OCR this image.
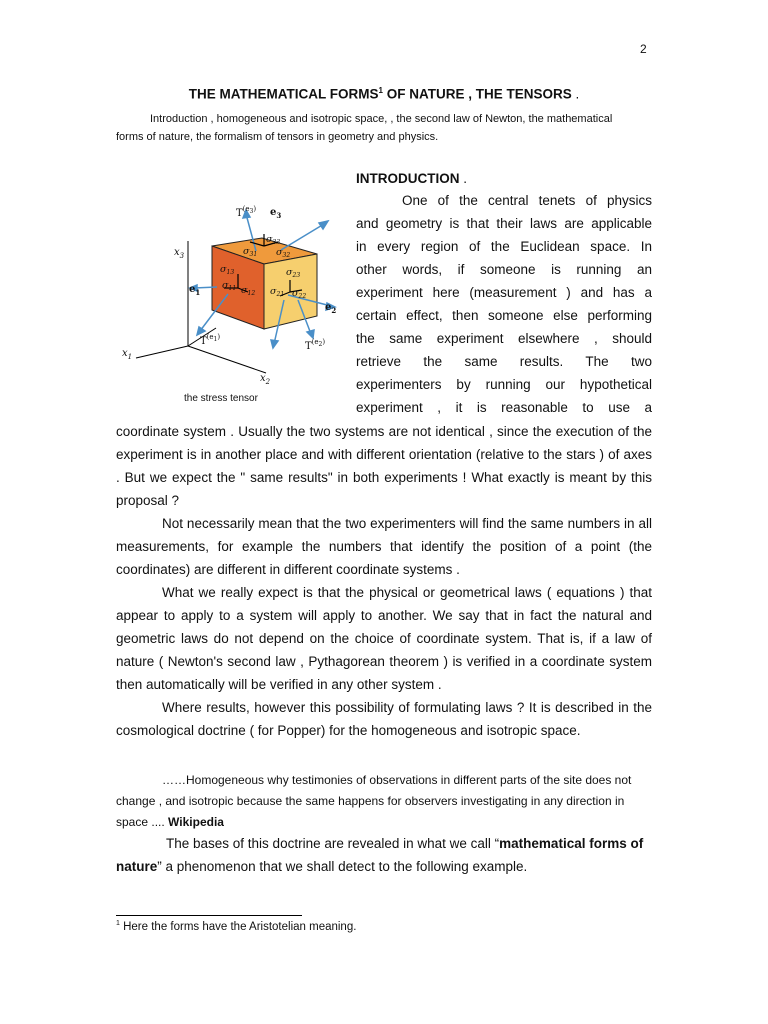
2
THE MATHEMATICAL FORMS$^1$ OF NATURE , THE TENSORS .
Introduction , homogeneous and isotropic space, , the second law of Newton, the mathematical
forms of nature, the formalism of tensors in geometry and physics.
$T^{(e}_3^)$ $e_3$
$x_3$
$e_1$
$e_2$
$T^{(e}_1^)$
$T^{(e}_2^)$
$x_1$
$x_2$
$\sigma_{31}$
$\sigma_{33}$
$\sigma_{32}$
$\sigma_{13}$
$\sigma_{11}$ $\sigma_{12}$
$\sigma_{23}$
$\sigma_{21}$ $\sigma_{22}$
the stress tensor
INTRODUCTION .

One of the central tenets of physics

and geometry is that their laws are applicable

in every region of the Euclidean space. In

other words, if someone is running an

experiment here (measurement ) and has a

certain effect, then someone else performing

the same experiment elsewhere , should

retrieve the same results. The two

experimenters by running our hypothetical

experiment , it is reasonable to use a

coordinate system . Usually the two systems are not identical , since the execution of the experiment is in another place and with different orientation (relative to the stars ) of axes . But we expect the " same results" in both experiments ! What exactly is meant by this proposal ?

Not necessarily mean that the two experimenters will find the same numbers in all measurements, for example the numbers that identify the position of a point (the coordinates) are different in different coordinate systems .

What we really expect is that the physical or geometrical laws ( equations ) that appear to apply to a system will apply to another. We say that in fact the natural and geometric laws do not depend on the choice of coordinate system. That is, if a law of nature ( Newton's second law , Pythagorean theorem ) is verified in a coordinate system then automatically will be verified in any other system .

Where results, however this possibility of formulating laws ? It is described in the cosmological doctrine ( for Popper) for the homogeneous and isotropic space.

……Homogeneous why testimonies of observations in different parts of the site does not change , and isotropic because the same happens for observers investigating in any direction in space .... Wikipedia
The bases of this doctrine are revealed in what we call “mathematical forms of nature” a phenomenon that we shall detect to the following example.
$^1$ Here the forms have the Aristotelian meaning.
